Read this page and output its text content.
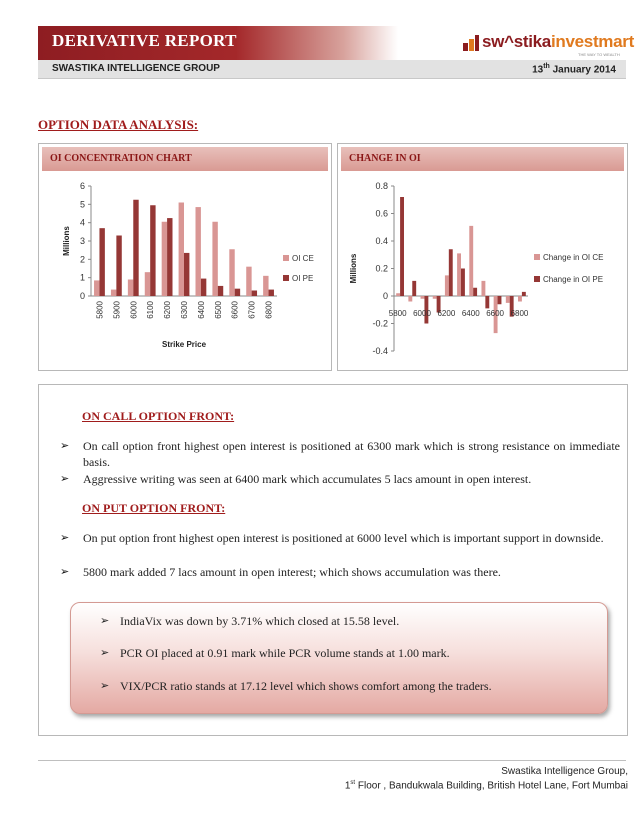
DERIVATIVE REPORT	sw^stikainvestmart
THE WAY TO WEALTH
SWASTIKA INTELLIGENCE GROUP	13th January 2014
OPTION DATA ANALYSIS:
OI CONCENTRATION CHART
0
1
2
3
4
5
6
Millions
OI CE
OI PE
5800 5900 6000 6100 6200 6300 6400 6500 6600 6700 6800
Strike Price
CHANGE IN OI
-0.4
-0.2
0
0.2
0.4
0.6
0.8
Millions	Change in OI CE
Change in OI PE
5800 6000 6200 6400 6600 6800
ON CALL OPTION FRONT:
➢ On call option front highest open interest is positioned at 6300 mark which is strong resistance on immediate basis.
➢ Aggressive writing was seen at 6400 mark which accumulates 5 lacs amount in open interest.
ON PUT OPTION FRONT:
➢ On put option front highest open interest is positioned at 6000 level which is important support in downside.
➢ 5800 mark added 7 lacs amount in open interest; which shows accumulation was there.
➢ IndiaVix was down by 3.71% which closed at 15.58 level.
➢ PCR OI placed at 0.91 mark while PCR volume stands at 1.00 mark.
➢ VIX/PCR ratio stands at 17.12 level which shows comfort among the traders.
Swastika Intelligence Group,
1st Floor , Bandukwala Building, British Hotel Lane, Fort Mumbai
